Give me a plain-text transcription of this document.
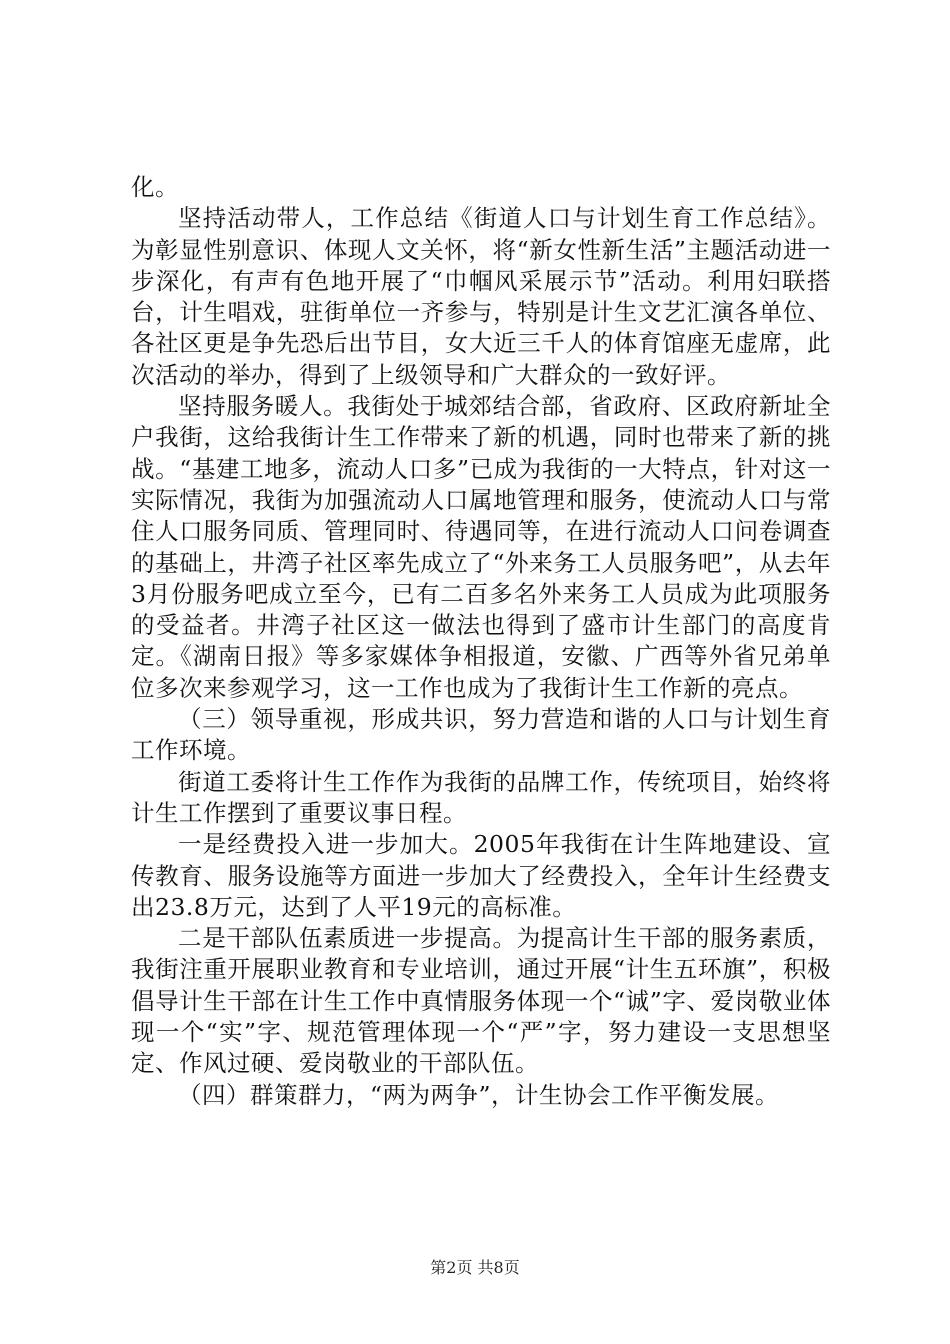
化。

坚持活动带人，工作总结《街道人口与计划生育工作总结》。为彰显性别意识、体现人文关怀，将“新女性新生活”主题活动进一步深化，有声有色地开展了“巾帼风采展示节”活动。利用妇联搭台，计生唱戏，驻街单位一齐参与，特别是计生文艺汇演各单位、各社区更是争先恐后出节目，女大近三千人的体育馆座无虚席，此次活动的举办，得到了上级领导和广大群众的一致好评。

坚持服务暖人。我街处于城郊结合部，省政府、区政府新址全户我街，这给我街计生工作带来了新的机遇，同时也带来了新的挑战。“基建工地多，流动人口多”已成为我街的一大特点，针对这一实际情况，我街为加强流动人口属地管理和服务，使流动人口与常住人口服务同质、管理同时、待遇同等，在进行流动人口问卷调查的基础上，井湾子社区率先成立了“外来务工人员服务吧”，从去年3月份服务吧成立至今，已有二百多名外来务工人员成为此项服务的受益者。井湾子社区这一做法也得到了盛市计生部门的高度肯定。《湖南日报》等多家媒体争相报道，安徽、广西等外省兄弟单位多次来参观学习，这一工作也成为了我街计生工作新的亮点。

（三）领导重视，形成共识，努力营造和谐的人口与计划生育工作环境。

街道工委将计生工作作为我街的品牌工作，传统项目，始终将计生工作摆到了重要议事日程。

一是经费投入进一步加大。2005年我街在计生阵地建设、宣传教育、服务设施等方面进一步加大了经费投入，全年计生经费支出23.8万元，达到了人平19元的高标准。

二是干部队伍素质进一步提高。为提高计生干部的服务素质，我街注重开展职业教育和专业培训，通过开展“计生五环旗”，积极倡导计生干部在计生工作中真情服务体现一个“诚”字、爱岗敬业体现一个“实”字、规范管理体现一个“严”字，努力建设一支思想坚定、作风过硬、爱岗敬业的干部队伍。

（四）群策群力，“两为两争”，计生协会工作平衡发展。

第2页 共8页
